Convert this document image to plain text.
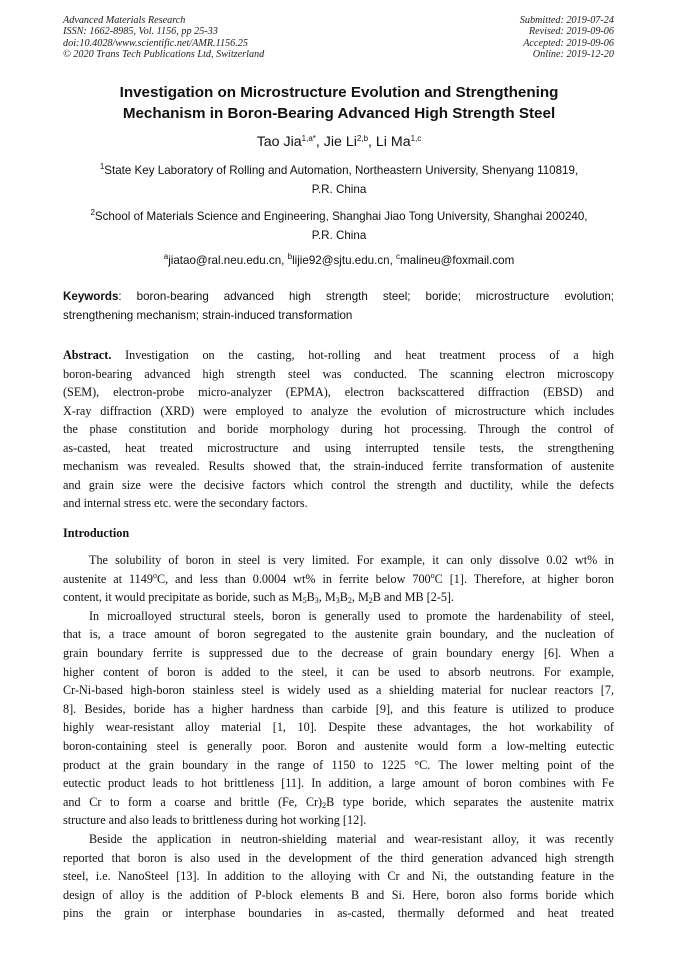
Advanced Materials Research
ISSN: 1662-8985, Vol. 1156, pp 25-33
doi:10.4028/www.scientific.net/AMR.1156.25
© 2020 Trans Tech Publications Ltd, Switzerland
Submitted: 2019-07-24
Revised: 2019-09-06
Accepted: 2019-09-06
Online: 2019-12-20
Investigation on Microstructure Evolution and Strengthening
Mechanism in Boron-Bearing Advanced High Strength Steel
Tao Jia$^{1,a*}$, Jie Li$^{2,b}$, Li Ma$^{1,c}$
$^1$State Key Laboratory of Rolling and Automation, Northeastern University, Shenyang 110819,
P.R. China
$^2$School of Materials Science and Engineering, Shanghai Jiao Tong University, Shanghai 200240,
P.R. China
$^a$jiatao@ral.neu.edu.cn, $^b$lijie92@sjtu.edu.cn, $^c$malineu@foxmail.com
Keywords: boron-bearing advanced high strength steel; boride; microstructure evolution;
strengthening mechanism; strain-induced transformation
Abstract. Investigation on the casting, hot-rolling and heat treatment process of a high
boron-bearing advanced high strength steel was conducted. The scanning electron microscopy
(SEM), electron-probe micro-analyzer (EPMA), electron backscattered diffraction (EBSD) and
X-ray diffraction (XRD) were employed to analyze the evolution of microstructure which includes
the phase constitution and boride morphology during hot processing. Through the control of
as-casted, heat treated microstructure and using interrupted tensile tests, the strengthening
mechanism was revealed. Results showed that, the strain-induced ferrite transformation of austenite
and grain size were the decisive factors which control the strength and ductility, while the defects
and internal stress etc. were the secondary factors.
Introduction
The solubility of boron in steel is very limited. For example, it can only dissolve 0.02 wt% in
austenite at 1149$^o$C, and less than 0.0004 wt% in ferrite below 700$^o$C [1]. Therefore, at higher boron
content, it would precipitate as boride, such as $M_5B_3$, $M_3B_2$, $M_2B$ and MB [2-5].
In microalloyed structural steels, boron is generally used to promote the hardenability of steel,
that is, a trace amount of boron segregated to the austenite grain boundary, and the nucleation of
grain boundary ferrite is suppressed due to the decrease of grain boundary energy [6]. When a
higher content of boron is added to the steel, it can be used to absorb neutrons. For example,
Cr-Ni-based high-boron stainless steel is widely used as a shielding material for nuclear reactors [7,
8]. Besides, boride has a higher hardness than carbide [9], and this feature is utilized to produce
highly wear-resistant alloy material [1, 10]. Despite these advantages, the hot workability of
boron-containing steel is generally poor. Boron and austenite would form a low-melting eutectic
product at the grain boundary in the range of 1150 to 1225 °C. The lower melting point of the
eutectic product leads to hot brittleness [11]. In addition, a large amount of boron combines with Fe
and Cr to form a coarse and brittle (Fe, $Cr)_2B$ type boride, which separates the austenite matrix
structure and also leads to brittleness during hot working [12].
Beside the application in neutron-shielding material and wear-resistant alloy, it was recently
reported that boron is also used in the development of the third generation advanced high strength
steel, i.e. NanoSteel [13]. In addition to the alloying with Cr and Ni, the outstanding feature in the
design of alloy is the addition of P-block elements B and Si. Here, boron also forms boride which
pins the grain or interphase boundaries in as-casted, thermally deformed and heat treated
